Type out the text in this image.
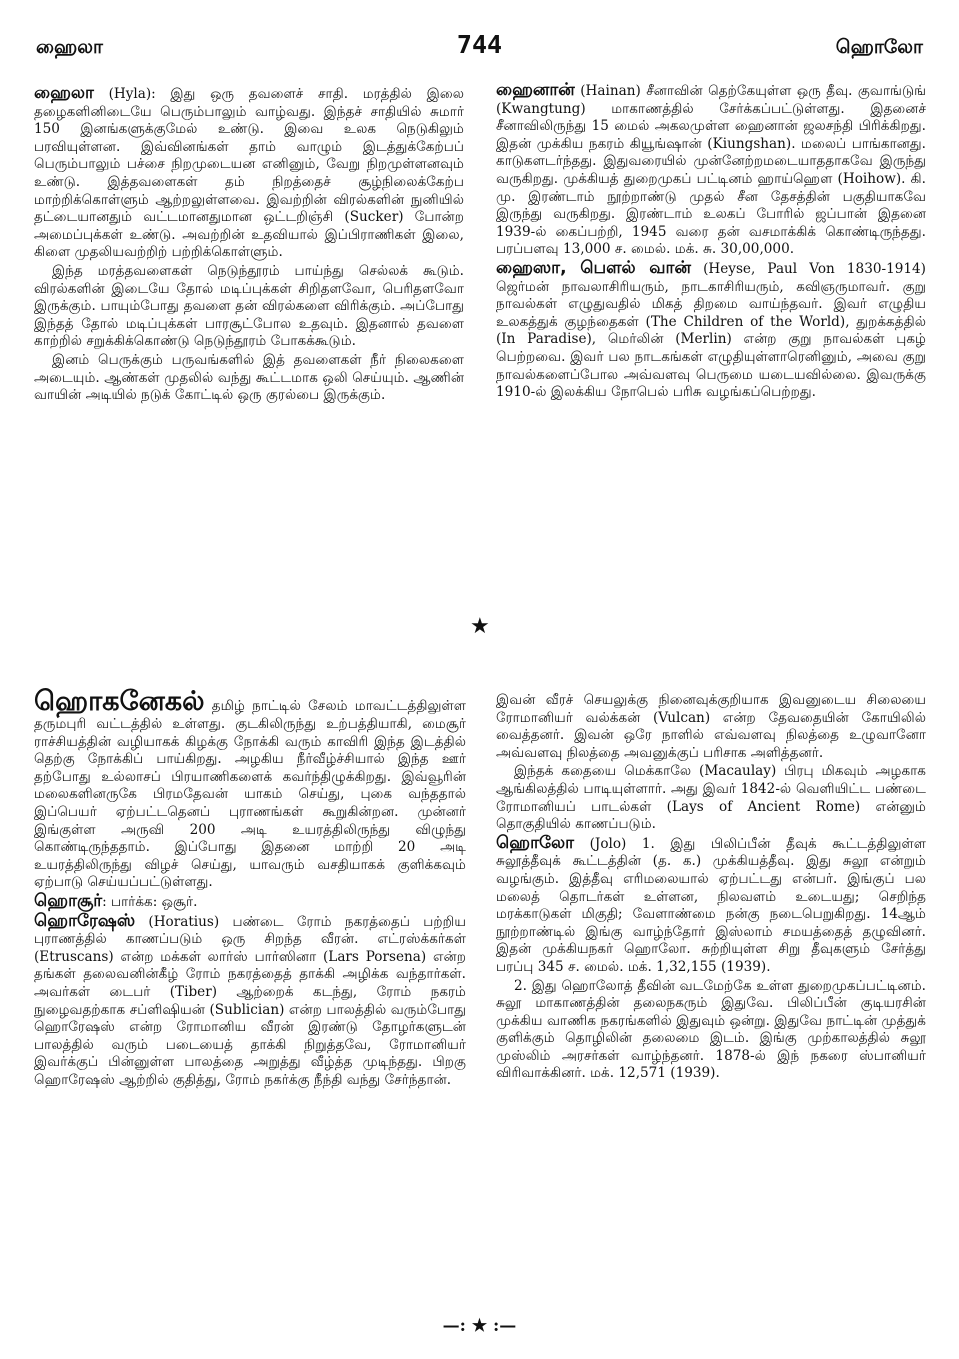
ஹைலா	744	ஹொலோ

ஹைலா (Hyla): இது ஒரு தவளைச் சாதி. மரத்தில் இலை தழைகளினிடையே பெரும்பாலும் வாழ்வது. இந்தச் சாதியில் சுமார் 150 இனங்களுக்குமேல் உண்டு. இவை உலக நெடுகிலும் பரவியுள்ளன. இவ்வினங்கள் தாம் வாழும் இடத்துக்கேற்பப் பெரும்பாலும் பச்சை நிறமுடையன எனினும், வேறு நிறமுள்ளனவும் உண்டு. இத்தவளைகள் தம் நிறத்தைச் சூழ்நிலைக்கேற்ப மாற்றிக்கொள்ளும் ஆற்றலுள்ளவை. இவற்றின் விரல்களின் நுனியில் தட்டையானதும் வட்டமானதுமான ஒட்டறிஞ்சி (Sucker) போன்ற அமைப்புக்கள் உண்டு. அவற்றின் உதவியால் இப்பிராணிகள் இலை, கிளை முதலியவற்றிற் பற்றிக்கொள்ளும்.

இந்த மரத்தவளைகள் நெடுந்தூரம் பாய்ந்து செல்லக் கூடும். விரல்களின் இடையே தோல் மடிப்புக்கள் சிறிதளவோ, பெரிதளவோ இருக்கும். பாயும்போது தவளை தன் விரல்களை விரிக்கும். அப்போது இந்தத் தோல் மடிப்புக்கள் பாரசூட்போல உதவும். இதனால் தவளை காற்றில் சறுக்கிக்கொண்டு நெடுந்தூரம் போகக்கூடும்.

இனம் பெருக்கும் பருவங்களில் இத் தவளைகள் நீர் நிலைகளை அடையும். ஆண்கள் முதலில் வந்து கூட்டமாக ஒலி செய்யும். ஆணின் வாயின் அடியில் நடுக் கோட்டில் ஒரு குரல்பை இருக்கும்.

ஹைனான் (Hainan) சீனாவின் தெற்கேயுள்ள ஒரு தீவு. குவாங்டுங் (Kwangtung) மாகாணத்தில் சேர்க்கப்பட்டுள்ளது. இதனைச் சீனாவிலிருந்து 15 மைல் அகலமுள்ள ஹைனான் ஜலசந்தி பிரிக்கிறது. இதன் முக்கிய நகரம் கியூங்ஷான் (Kiungshan). மலைப் பாங்கானது. காடுகளடர்ந்தது. இதுவரையில் முன்னேற்றமடையாததாகவே இருந்து வருகிறது. முக்கியத் துறைமுகப் பட்டினம் ஹாய்ஹௌ (Hoihow). கி. மு. இரண்டாம் நூற்றாண்டு முதல் சீன தேசத்தின் பகுதியாகவே இருந்து வருகிறது. இரண்டாம் உலகப் போரில் ஜப்பான் இதனை 1939-ல் கைப்பற்றி, 1945 வரை தன் வசமாக்கிக் கொண்டிருந்தது. பரப்பளவு 13,000 ச. மைல். மக். சு. 30,00,000.

ஹைஸா, பௌல் வான் (Heyse, Paul Von 1830-1914) ஜெர்மன் நாவலாசிரியரும், நாடகாசிரியரும், கவிஞருமாவர். குறு நாவல்கள் எழுதுவதில் மிகத் திறமை வாய்ந்தவர். இவர் எழுதிய உலகத்துக் குழந்தைகள் (The Children of the World), துறக்கத்தில் (In Paradise), மெர்லின் (Merlin) என்ற குறு நாவல்கள் புகழ் பெற்றவை. இவர் பல நாடகங்கள் எழுதியுள்ளாரெனினும், அவை குறு நாவல்களைப்போல அவ்வளவு பெருமை யடையவில்லை. இவருக்கு 1910-ல் இலக்கிய நோபெல் பரிசு வழங்கப்பெற்றது.

★

ஹொகனேகல் தமிழ் நாட்டில் சேலம் மாவட்டத்திலுள்ள தருமபுரி வட்டத்தில் உள்ளது. குடகிலிருந்து உற்பத்தியாகி, மைசூர் ராச்சியத்தின் வழியாகக் கிழக்கு நோக்கி வரும் காவிரி இந்த இடத்தில் தெற்கு நோக்கிப் பாய்கிறது. அழகிய நீர்வீழ்ச்சியால் இந்த ஊர் தற்போது உல்லாசப் பிரயாணிகளைக் கவர்ந்திழுக்கிறது. இவ்வூரின் மலைகளினருகே பிரமதேவன் யாகம் செய்து, புகை வந்ததால் இப்பெயர் ஏற்பட்டதெனப் புராணங்கள் கூறுகின்றன. முன்னர் இங்குள்ள அருவி 200 அடி உயரத்திலிருந்து விழுந்து கொண்டிருந்ததாம். இப்போது இதனை மாற்றி 20 அடி உயரத்திலிருந்து விழச் செய்து, யாவரும் வசதியாகக் குளிக்கவும் ஏற்பாடு செய்யப்பட்டுள்ளது.

ஹொசூர்: பார்க்க: ஒசூர்.

ஹொரேஷஸ் (Horatius) பண்டை ரோம் நகரத்தைப் பற்றிய புராணத்தில் காணப்படும் ஒரு சிறந்த வீரன். எட்ரஸ்க்கர்கள் (Etruscans) என்ற மக்கள் லார்ஸ் பார்ஸினா (Lars Porsena) என்ற தங்கள் தலைவனின்கீழ் ரோம் நகரத்தைத் தாக்கி அழிக்க வந்தார்கள். அவர்கள் டைபர் (Tiber) ஆற்றைக் கடந்து, ரோம் நகரம் நுழைவதற்காக சப்ளிஷியன் (Sublician) என்ற பாலத்தில் வரும்போது ஹொரேஷஸ் என்ற ரோமானிய வீரன் இரண்டு தோழர்களுடன் பாலத்தில் வரும் படையைத் தாக்கி நிறுத்தவே, ரோமானியர் இவர்க்குப் பின்னுள்ள பாலத்தை அறுத்து வீழ்த்த முடிந்தது. பிறகு ஹொரேஷஸ் ஆற்றில் குதித்து, ரோம் நகர்க்கு நீந்தி வந்து சேர்ந்தான்.

இவன் வீரச் செயலுக்கு நினைவுக்குறியாக இவனுடைய சிலையை ரோமானியர் வல்க்கன் (Vulcan) என்ற தேவதையின் கோயிலில் வைத்தனர். இவன் ஒரே நாளில் எவ்வளவு நிலத்தை உழுவானோ அவ்வளவு நிலத்தை அவனுக்குப் பரிசாக அளித்தனர்.

இந்தக் கதையை மெக்காலே (Macaulay) பிரபு மிகவும் அழகாக ஆங்கிலத்தில் பாடியுள்ளார். அது இவர் 1842-ல் வெளியிட்ட பண்டை ரோமானியப் பாடல்கள் (Lays of Ancient Rome) என்னும் தொகுதியில் காணப்படும்.

ஹொலோ (Jolo) 1. இது பிலிப்பீன் தீவுக் கூட்டத்திலுள்ள சுலூத்தீவுக் கூட்டத்தின் (த. க.) முக்கியத்தீவு. இது சுலூ என்றும் வழங்கும். இத்தீவு எரிமலையால் ஏற்பட்டது என்பர். இங்குப் பல மலைத் தொடர்கள் உள்ளன, நிலவளம் உடையது; செறிந்த மரக்காடுகள் மிகுதி; வேளாண்மை நன்கு நடைபெறுகிறது. 14ஆம் நூற்றாண்டில் இங்கு வாழ்ந்தோர் இஸ்லாம் சமயத்தைத் தழுவினர். இதன் முக்கியநகர் ஹொலோ. சுற்றியுள்ள சிறு தீவுகளும் சேர்த்து பரப்பு 345 ச. மைல். மக். 1,32,155 (1939).

2. இது ஹொலோத் தீவின் வடமேற்கே உள்ள துறைமுகப்பட்டினம். சுலூ மாகாணத்தின் தலைநகரும் இதுவே. பிலிப்பீன் குடியரசின் முக்கிய வாணிக நகரங்களில் இதுவும் ஒன்று. இதுவே நாட்டின் முத்துக் குளிக்கும் தொழிலின் தலைமை இடம். இங்கு முற்காலத்தில் சுலூ முஸ்லிம் அரசர்கள் வாழ்ந்தனர். 1878-ல் இந் நகரை ஸ்பானியர் விரிவாக்கினர். மக். 12,571 (1939).

—: ★ :—
